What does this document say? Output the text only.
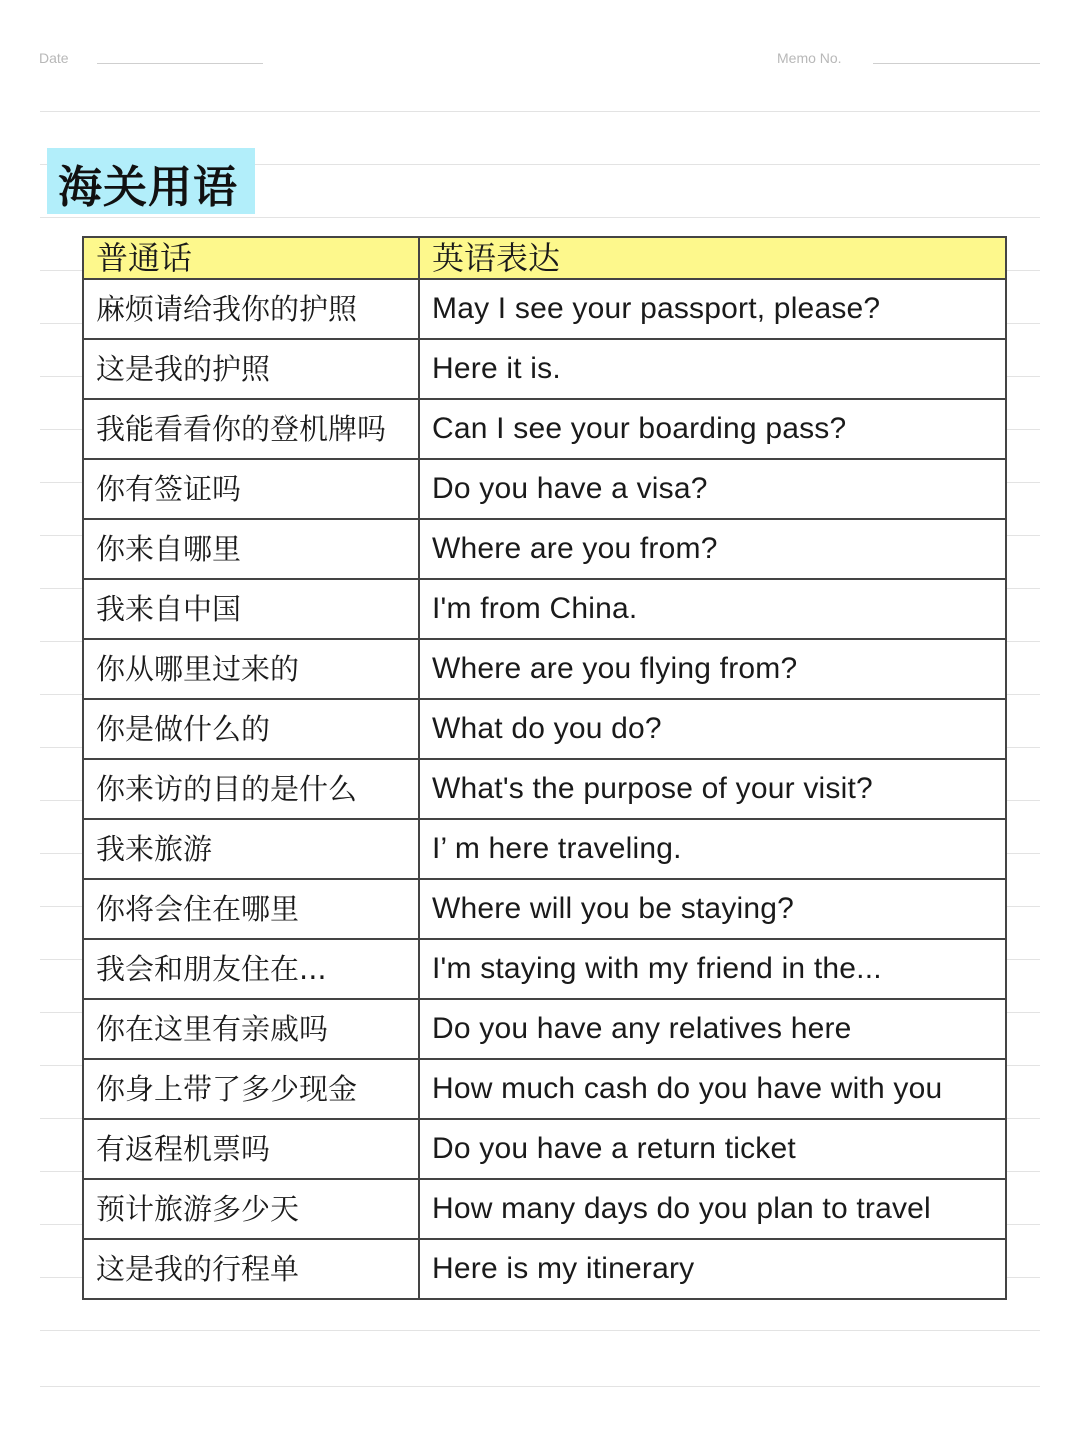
Date	Memo No.
海关用语
普通话	英语表达
麻烦请给我你的护照	May I see your passport, please?
这是我的护照	Here it is.
我能看看你的登机牌吗	Can I see your boarding pass?
你有签证吗	Do you have a visa?
你来自哪里	Where are you from?
我来自中国	I'm from China.
你从哪里过来的	Where are you flying from?
你是做什么的	What do you do?
你来访的目的是什么	What's the purpose of your visit?
我来旅游	I’ m here traveling.
你将会住在哪里	Where will you be staying?
我会和朋友住在...	I'm staying with my friend in the...
你在这里有亲戚吗	Do you have any relatives here
你身上带了多少现金	How much cash do you have with you
有返程机票吗	Do you have a return ticket
预计旅游多少天	How many days do you plan to travel
这是我的行程单	Here is my itinerary
